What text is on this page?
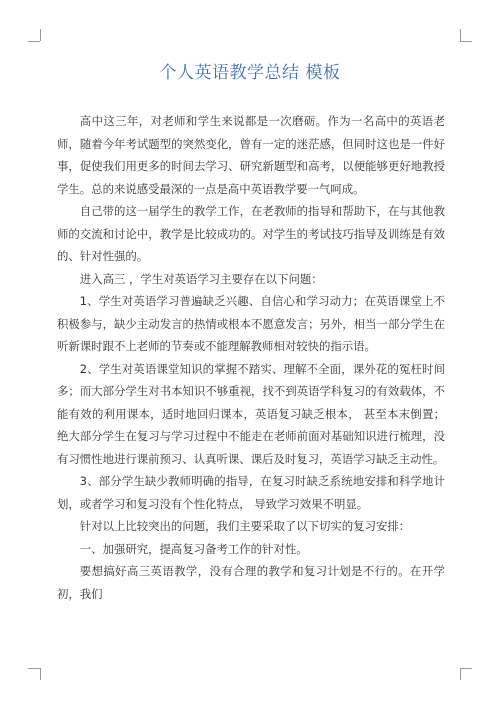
个人英语教学总结 模板

高中这三年，对老师和学生来说都是一次磨砺。作为一名高中的英语老师，随着今年考试题型的突然变化，曾有一定的迷茫感，但同时这也是一件好事，促使我们用更多的时间去学习、研究新题型和高考，以便能够更好地教授学生。总的来说感受最深的一点是高中英语教学要一气呵成。

自己带的这一届学生的教学工作，在老教师的指导和帮助下，在与其他教师的交流和讨论中，教学是比较成功的。对学生的考试技巧指导及训练是有效的、针对性强的。

进入高三 ，学生对英语学习主要存在以下问题：

1、学生对英语学习普遍缺乏兴趣、自信心和学习动力；在英语课堂上不积极参与，缺少主动发言的热情或根本不愿意发言；另外，相当一部分学生在听新课时跟不上老师的节奏或不能理解教师相对较快的指示语。

2、学生对英语课堂知识的掌握不踏实、理解不全面，课外花的冤枉时间多；而大部分学生对书本知识不够重视，找不到英语学科复习的有效载体，不能有效的利用课本，适时地回归课本，英语复习缺乏根本， 甚至本末倒置；绝大部分学生在复习与学习过程中不能走在老师前面对基础知识进行梳理，没有习惯性地进行课前预习、认真听课、课后及时复习，英语学习缺乏主动性。

3、部分学生缺少教师明确的指导，在复习时缺乏系统地安排和科学地计划，或者学习和复习没有个性化特点， 导致学习效果不明显。

针对以上比较突出的问题，我们主要采取了以下切实的复习安排：

一、加强研究，提高复习备考工作的针对性。

要想搞好高三英语教学，没有合理的教学和复习计划是不行的。在开学初，我们
